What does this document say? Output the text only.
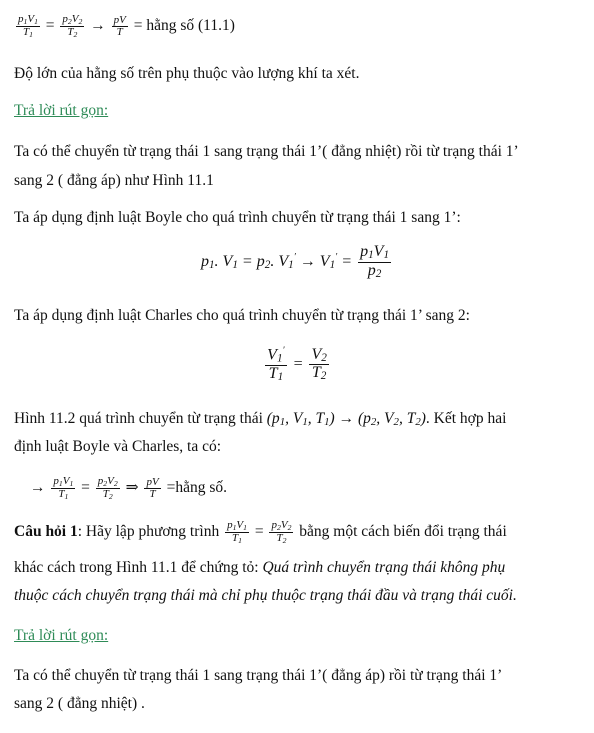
$\frac{p_1V_1}{T_1} = \frac{p_2V_2}{T_2} \to \frac{pV}{T}$ = hằng số (11.1)
Độ lớn của hằng số trên phụ thuộc vào lượng khí ta xét.
Trả lời rút gọn:
Ta có thể chuyển từ trạng thái 1 sang trạng thái 1’( đẳng nhiệt) rồi từ trạng thái 1’
sang 2 ( đẳng áp) như Hình 11.1
Ta áp dụng định luật Boyle cho quá trình chuyển từ trạng thái 1 sang 1’:
$p_1$. $V_1 = p_2$. $V_1' \to V_1' = \frac{p_1V_1}{p_2}$
Ta áp dụng định luật Charles cho quá trình chuyển từ trạng thái 1’ sang 2:
$\frac{V_1'}{T_1} = \frac{V_2}{T_2}$
Hình 11.2 quá trình chuyển từ trạng thái ($p_1$, $V_1$, $T_1) \to (p_2$, $V_2$, $T_2$). Kết hợp hai
định luật Boyle và Charles, ta có:
→ $\frac{p_1V_1}{T_1} = \frac{p_2V_2}{T_2}$ ⇒ $\frac{pV}{T}$ =hằng số.
Câu hỏi 1: Hãy lập phương trình $\frac{p_1V_1}{T_1} = \frac{p_2V_2}{T_2}$ bằng một cách biến đổi trạng thái
khác cách trong Hình 11.1 để chứng tỏ: Quá trình chuyển trạng thái không phụ
thuộc cách chuyển trạng thái mà chỉ phụ thuộc trạng thái đầu và trạng thái cuối.
Trả lời rút gọn:
Ta có thể chuyển từ trạng thái 1 sang trạng thái 1’( đẳng áp) rồi từ trạng thái 1’
sang 2 ( đẳng nhiệt) .
